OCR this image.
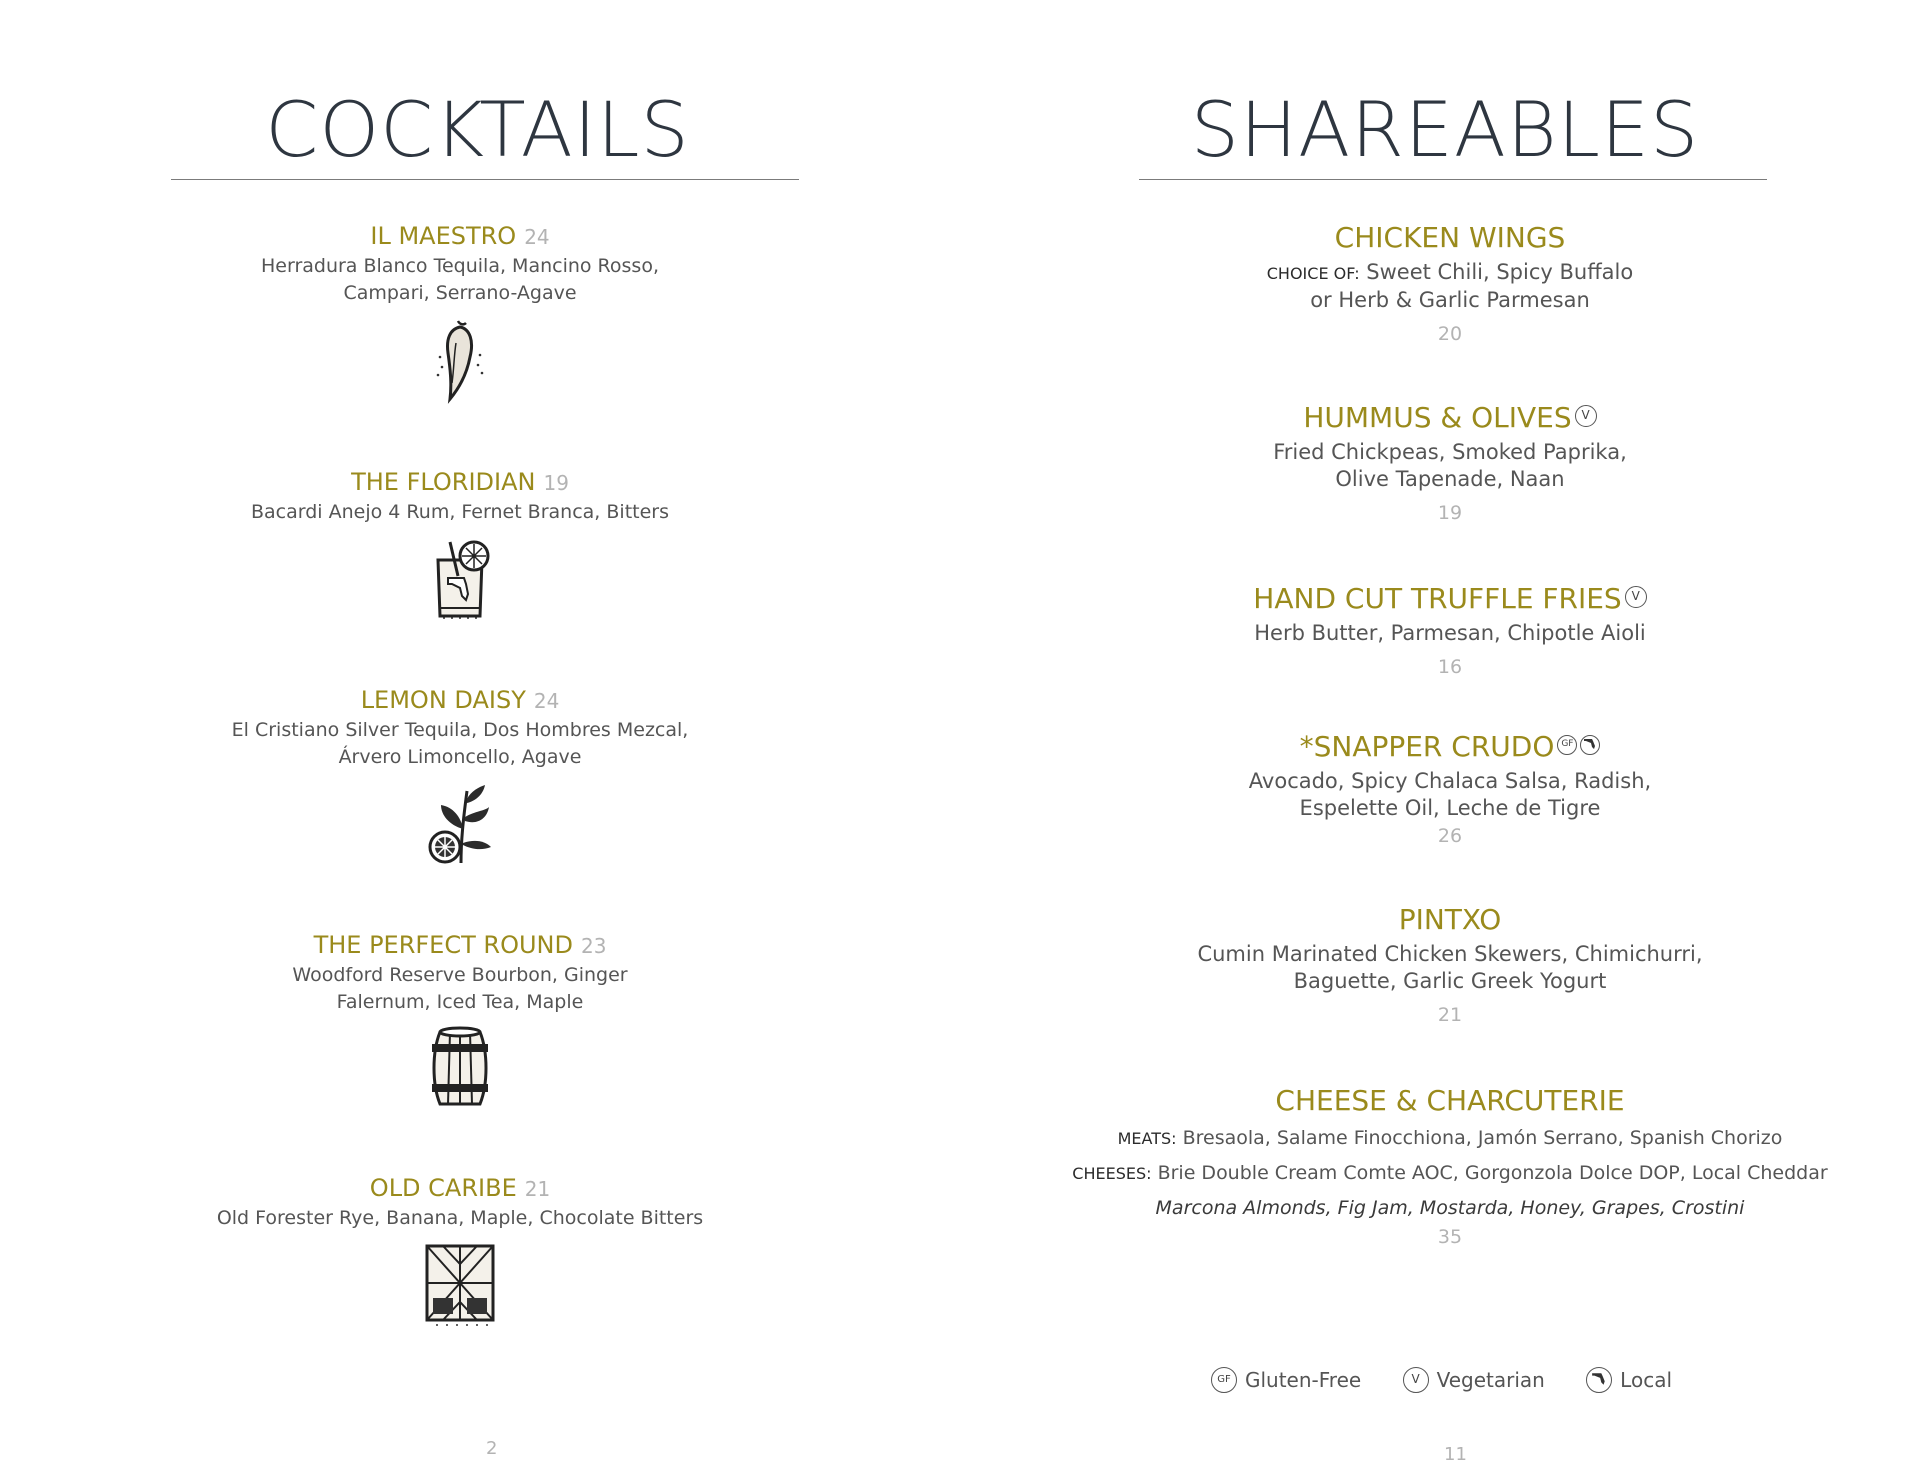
COCKTAILS
IL MAESTRO 24
Herradura Blanco Tequila, Mancino Rosso,
Campari, Serrano-Agave
THE FLORIDIAN 19
Bacardi Anejo 4 Rum, Fernet Branca, Bitters
LEMON DAISY 24
El Cristiano Silver Tequila, Dos Hombres Mezcal,
Árvero Limoncello, Agave
THE PERFECT ROUND 23
Woodford Reserve Bourbon, Ginger
Falernum, Iced Tea, Maple
OLD CARIBE 21
Old Forester Rye, Banana, Maple, Chocolate Bitters
2
SHAREABLES
CHICKEN WINGS
CHOICE OF: Sweet Chili, Spicy Buffalo
or Herb & Garlic Parmesan
20
HUMMUS & OLIVES V
Fried Chickpeas, Smoked Paprika,
Olive Tapenade, Naan
19
HAND CUT TRUFFLE FRIES V
Herb Butter, Parmesan, Chipotle Aioli
16
*SNAPPER CRUDO GF
Avocado, Spicy Chalaca Salsa, Radish,
Espelette Oil, Leche de Tigre
26
PINTXO
Cumin Marinated Chicken Skewers, Chimichurri,
Baguette, Garlic Greek Yogurt
21
CHEESE & CHARCUTERIE
MEATS: Bresaola, Salame Finocchiona, Jamón Serrano, Spanish Chorizo
CHEESES: Brie Double Cream Comte AOC, Gorgonzola Dolce DOP, Local Cheddar
Marcona Almonds, Fig Jam, Mostarda, Honey, Grapes, Crostini
35
GF Gluten-Free	V Vegetarian	Local
11
